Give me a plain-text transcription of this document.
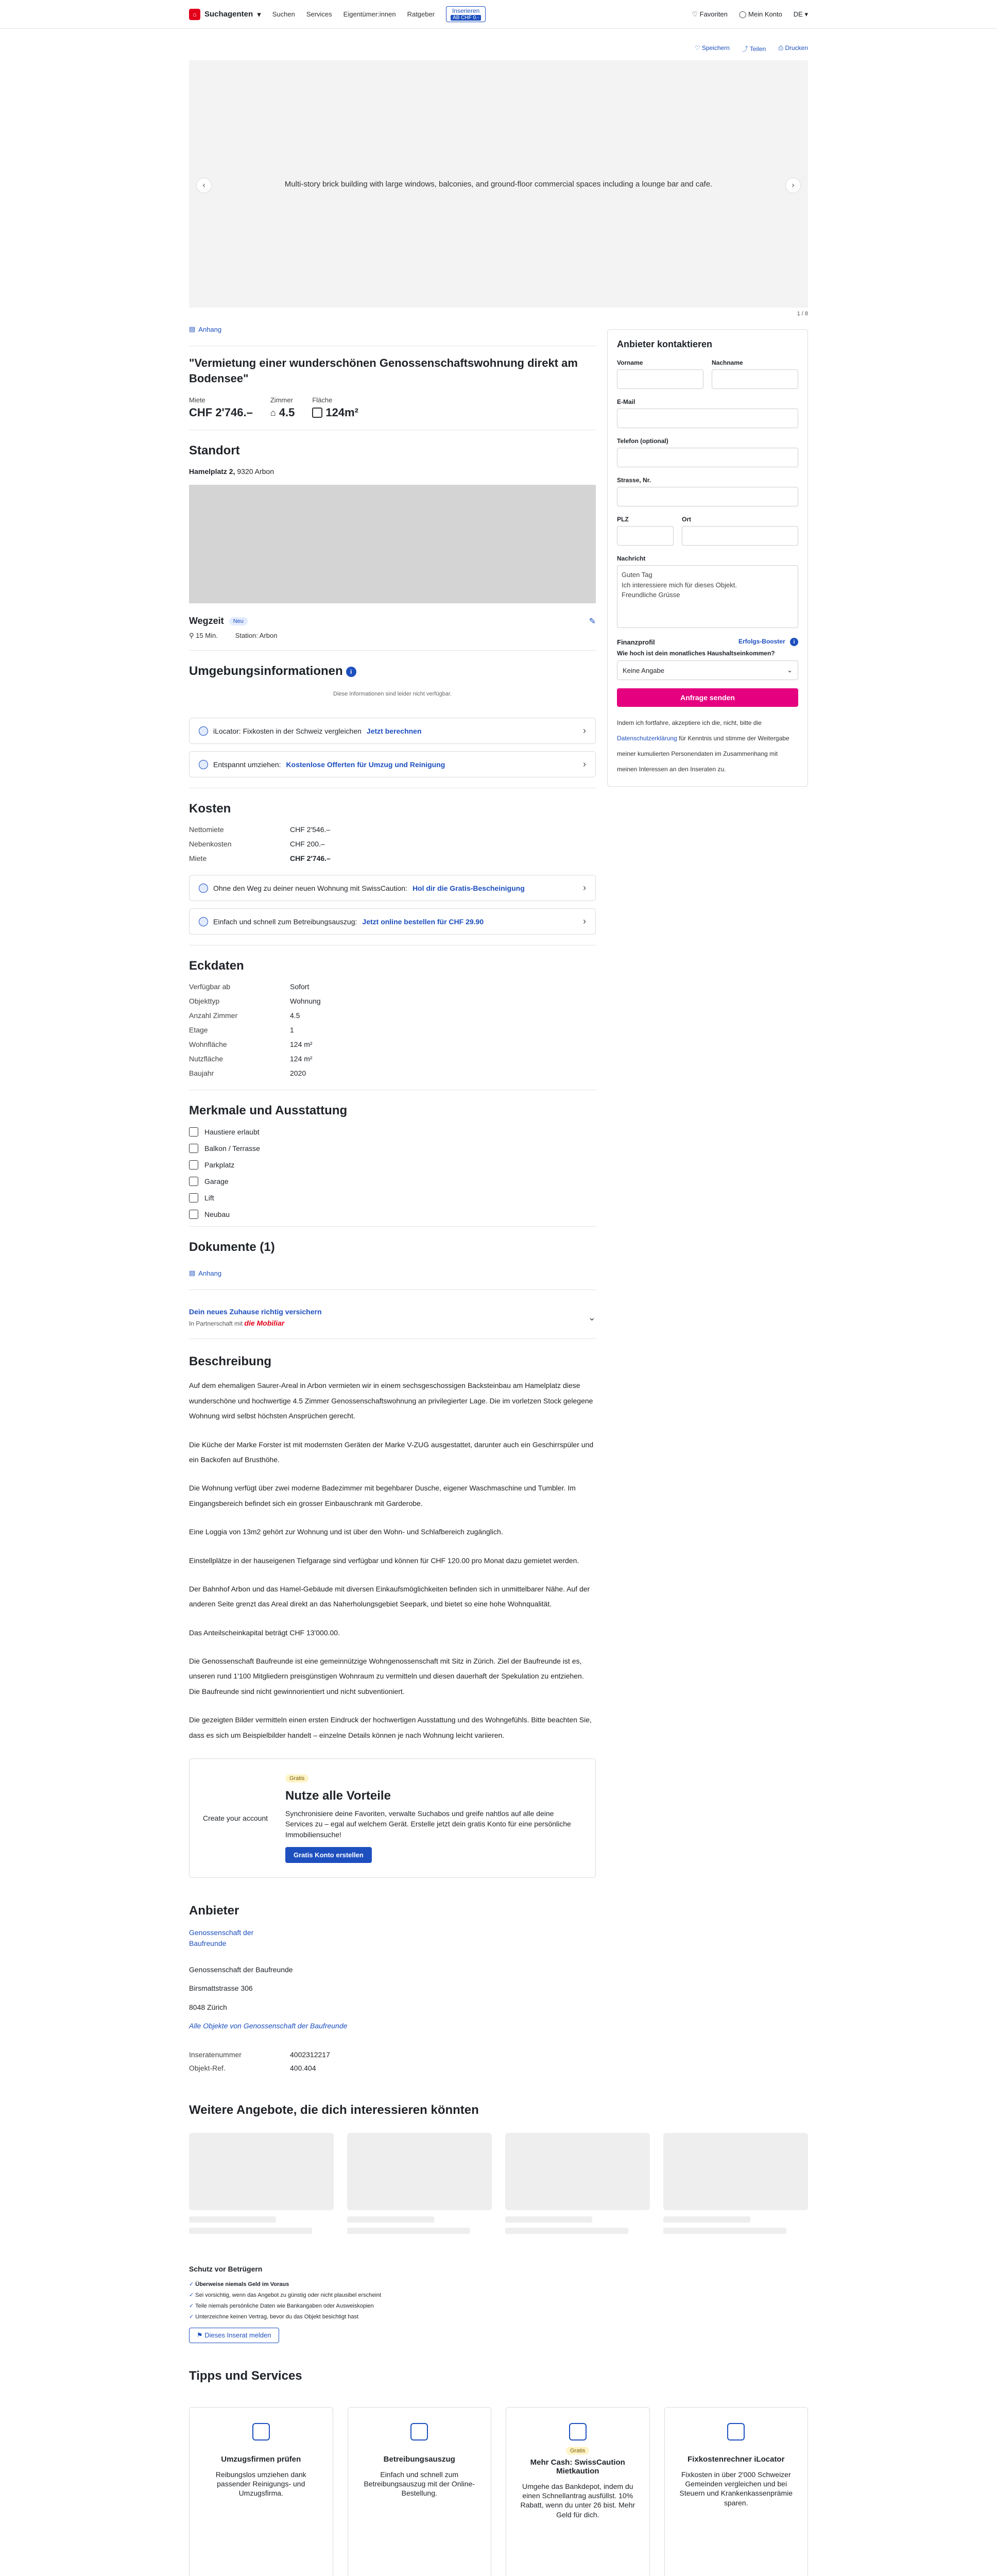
⌂	Suchagenten ▾ Suchen Services Eigentümer:innen Ratgeber	Inserieren
AB CHF 0.-
♡ Favoriten ◯ Mein Konto DE ▾
♡ Speichern ⤴ Teilen ⎙ Drucken
Multi-story brick building with large windows, balconies, and ground-floor commercial spaces including a lounge bar and cafe.
‹	›
1 / 8
▤ Anhang
"Vermietung einer wunderschönen Genossenschaftswohnung direkt am Bodensee"
Miete
CHF 2'746.–
Zimmer
⌂ 4.5
Fläche
124m²
Standort
Hamelplatz 2, 9320 Arbon
Wegzeit	Neu	✎
⚲ 15 Min.	Station: Arbon
Umgebungsinformationen i
Diese Informationen sind leider nicht verfügbar.
iLocator: Fixkosten in der Schweiz vergleichen Jetzt berechnen	›
Entspannt umziehen: Kostenlose Offerten für Umzug und Reinigung	›
Kosten
Nettomiete	CHF 2'546.–
Nebenkosten	CHF 200.–
Miete	CHF 2'746.–
Ohne den Weg zu deiner neuen Wohnung mit SwissCaution: Hol dir die Gratis-Bescheinigung	›
Einfach und schnell zum Betreibungsauszug: Jetzt online bestellen für CHF 29.90	›
Eckdaten
Verfügbar ab	Sofort
Objekttyp	Wohnung
Anzahl Zimmer	4.5
Etage	1
Wohnfläche	124 m²
Nutzfläche	124 m²
Baujahr	2020
Merkmale und Ausstattung
Haustiere erlaubt
Balkon / Terrasse
Parkplatz
Garage
Lift
Neubau
Dokumente (1)
▤ Anhang
Dein neues Zuhause richtig versichern
In Partnerschaft mit die Mobiliar
⌄
Beschreibung

Auf dem ehemaligen Saurer-Areal in Arbon vermieten wir in einem sechsgeschossigen Backsteinbau am Hamelplatz diese wunderschöne und hochwertige 4.5 Zimmer Genossenschaftswohnung an privilegierter Lage. Die im vorletzen Stock gelegene Wohnung wird selbst höchsten Ansprüchen gerecht.

Die Küche der Marke Forster ist mit modernsten Geräten der Marke V-ZUG ausgestattet, darunter auch ein Geschirrspüler und ein Backofen auf Brusthöhe.

Die Wohnung verfügt über zwei moderne Badezimmer mit begehbarer Dusche, eigener Waschmaschine und Tumbler. Im Eingangsbereich befindet sich ein grosser Einbauschrank mit Garderobe.

Eine Loggia von 13m2 gehört zur Wohnung und ist über den Wohn- und Schlafbereich zugänglich.

Einstellplätze in der hauseigenen Tiefgarage sind verfügbar und können für CHF 120.00 pro Monat dazu gemietet werden.

Der Bahnhof Arbon und das Hamel-Gebäude mit diversen Einkaufsmöglichkeiten befinden sich in unmittelbarer Nähe. Auf der anderen Seite grenzt das Areal direkt an das Naherholungsgebiet Seepark, und bietet so eine hohe Wohnqualität.

Das Anteilscheinkapital beträgt CHF 13'000.00.

Die Genossenschaft Baufreunde ist eine gemeinnützige Wohngenossenschaft mit Sitz in Zürich. Ziel der Baufreunde ist es, unseren rund 1'100 Mitgliedern preisgünstigen Wohnraum zu vermitteln und diesen dauerhaft der Spekulation zu entziehen. Die Baufreunde sind nicht gewinnorientiert und nicht subventioniert.

Die gezeigten Bilder vermitteln einen ersten Eindruck der hochwertigen Ausstattung und des Wohngefühls. Bitte beachten Sie, dass es sich um Beispielbilder handelt – einzelne Details können je nach Wohnung leicht variieren.

Create your account
Gratis
Nutze alle Vorteile

Synchronisiere deine Favoriten, verwalte Suchabos und greife nahtlos auf alle deine Services zu – egal auf welchem Gerät. Erstelle jetzt dein gratis Konto für eine persönliche Immobiliensuche!

Gratis Konto erstellen
Anbieter
Genossenschaft der Baufreunde
Genossenschaft der Baufreunde
Birsmattstrasse 306
8048 Zürich
Alle Objekte von Genossenschaft der Baufreunde
Inseratenummer	4002312217
Objekt-Ref.	400.404
Anbieter kontaktieren
Vorname	Nachname
E-Mail
Telefon (optional)
Strasse, Nr.
PLZ	Ort
Nachricht
Guten Tag Ich interessiere mich für dieses Objekt. Freundliche Grüsse
Finanzprofil	Erfolgs-Booster i
Wie hoch ist dein monatliches Haushaltseinkommen?
Keine Angabe	⌄
Anfrage senden

Indem ich fortfahre, akzeptiere ich die, nicht, bitte die Datenschutzerklärung für Kenntnis und stimme der Weitergabe meiner kumulierten Personendaten im Zusammenhang mit meinen Interessen an den Inseraten zu.

Weitere Angebote, die dich interessieren könnten
Schutz vor Betrügern
✓ Überweise niemals Geld im Voraus
✓ Sei vorsichtig, wenn das Angebot zu günstig oder nicht plausibel erscheint
✓ Teile niemals persönliche Daten wie Bankangaben oder Ausweiskopien
✓ Unterzeichne keinen Vertrag, bevor du das Objekt besichtigt hast
⚑ Dieses Inserat melden
Tipps und Services
Umzugsfirmen prüfen

Reibungslos umziehen dank passender Reinigungs- und Umzugsfirma.

Betreibungsauszug

Einfach und schnell zum Betreibungsauszug mit der Online-Bestellung.

Gratis
Mehr Cash: SwissCaution Mietkaution

Umgehe das Bankdepot, indem du einen Schnellantrag ausfüllst. 10% Rabatt, wenn du unter 26 bist. Mehr Geld für dich.

Fixkostenrechner iLocator

Fixkosten in über 2'000 Schweizer Gemeinden vergleichen und bei Steuern und Krankenkassenprämie sparen.
